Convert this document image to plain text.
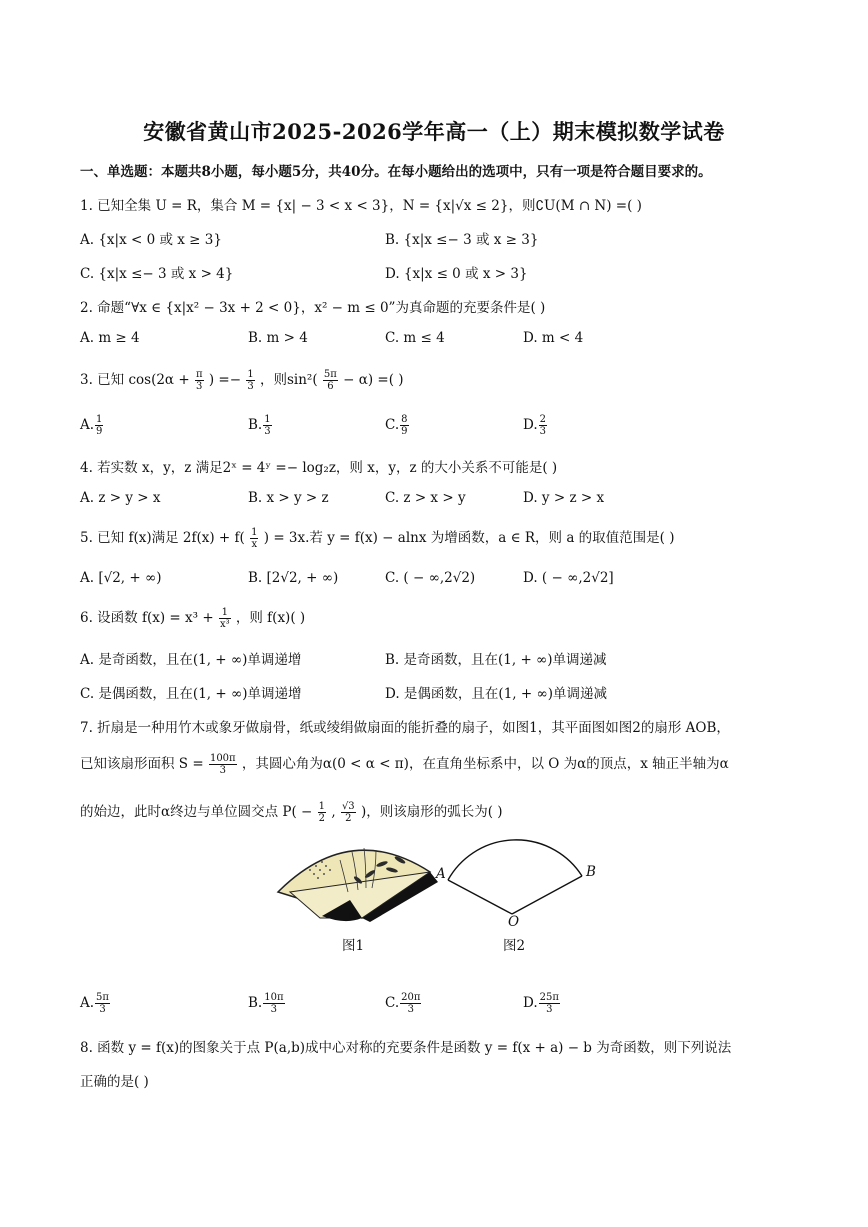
安徽省黄山市2025-2026学年高一（上）期末模拟数学试卷
一、单选题：本题共8小题，每小题5分，共40分。在每小题给出的选项中，只有一项是符合题目要求的。
1. 已知全集 U = R，集合 M = {x| − 3 < x < 3}，N = {x|√x ≤ 2}，则∁U(M ∩ N) =( )
A. {x|x < 0 或 x ≥ 3}	B. {x|x ≤− 3 或 x ≥ 3}
C. {x|x ≤− 3 或 x > 4}	D. {x|x ≤ 0 或 x > 3}
2. 命题“∀x ∈ {x|x² − 3x + 2 < 0}，x² − m ≤ 0”为真命题的充要条件是( )
A. m ≥ 4	B. m > 4	C. m ≤ 4	D. m < 4
3. 已知 $\cos(2\alpha + \frac{\pi}{3}$ ) =− $\frac{1}{3}$ ，则$\sin^2( \frac{5\pi}{6} - \alpha)$ =( )
A. $\frac{1}{9}$	B. $\frac{1}{3}$	C. $\frac{8}{9}$	D. $\frac{2}{3}$
4. 若实数 x，y，z 满足2ˣ = 4ʸ =− log₂z，则 x，y，z 的大小关系不可能是( )
A. z > y > x	B. x > y > z	C. z > x > y	D. y > z > x
5. 已知 f(x)满足 $2f(x) + f( \frac{1}{x}$ ) = 3x.若 y = f(x) − alnx 为增函数，a ∈ R，则 a 的取值范围是( )
A. [√2, + ∞)	B. [2√2, + ∞)	C. ( − ∞,2√2)	D. ( − ∞,2√2]
6. 设函数 $f(x) = x^3 + \frac{1}{\text{x³}}$ ，则 f(x)( )
A. 是奇函数，且在(1, + ∞)单调递增	B. 是奇函数，且在(1, + ∞)单调递减
C. 是偶函数，且在(1, + ∞)单调递增	D. 是偶函数，且在(1, + ∞)单调递减
7. 折扇是一种用竹木或象牙做扇骨，纸或绫绢做扇面的能折叠的扇子，如图1，其平面图如图2的扇形 AOB，
已知该扇形面积 $S = \frac{100\pi}{3}$ ，其圆心角为α(0 < α < π)，在直角坐标系中，以 O 为α的顶点，x 轴正半轴为α
的始边，此时α终边与单位圆交点 $P( - \frac{1}{2}$ , $\frac{√3}{2}$ )，则该扇形的弧长为( )
A	B
O
图1	图2
A. $\frac{5\pi}{3}$	B. $\frac{10\pi}{3}$	C. $\frac{20\pi}{3}$	D. $\frac{25\pi}{3}$
8. 函数 y = f(x)的图象关于点 P(a,b)成中心对称的充要条件是函数 y = f(x + a) − b 为奇函数，则下列说法
正确的是( )
